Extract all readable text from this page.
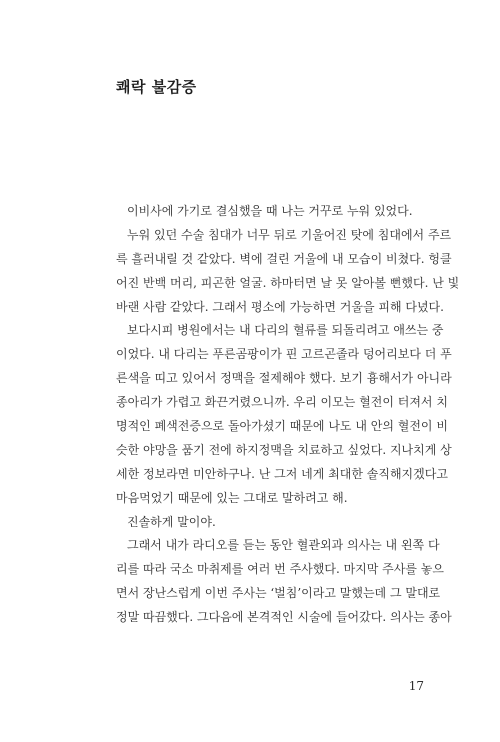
쾌락 불감증
이비사에 가기로 결심했을 때 나는 거꾸로 누워 있었다.
누워 있던 수술 침대가 너무 뒤로 기울어진 탓에 침대에서 주르
륵 흘러내릴 것 같았다. 벽에 걸린 거울에 내 모습이 비쳤다. 헝클
어진 반백 머리, 피곤한 얼굴. 하마터면 날 못 알아볼 뻔했다. 난 빛
바랜 사람 같았다. 그래서 평소에 가능하면 거울을 피해 다녔다.
보다시피 병원에서는 내 다리의 혈류를 되돌리려고 애쓰는 중
이었다. 내 다리는 푸른곰팡이가 핀 고르곤졸라 덩어리보다 더 푸
른색을 띠고 있어서 정맥을 절제해야 했다. 보기 흉해서가 아니라
종아리가 가렵고 화끈거렸으니까. 우리 이모는 혈전이 터져서 치
명적인 폐색전증으로 돌아가셨기 때문에 나도 내 안의 혈전이 비
슷한 야망을 품기 전에 하지정맥을 치료하고 싶었다. 지나치게 상
세한 정보라면 미안하구나. 난 그저 네게 최대한 솔직해지겠다고
마음먹었기 때문에 있는 그대로 말하려고 해.
진솔하게 말이야.
그래서 내가 라디오를 듣는 동안 혈관외과 의사는 내 왼쪽 다
리를 따라 국소 마취제를 여러 번 주사했다. 마지막 주사를 놓으
면서 장난스럽게 이번 주사는 ‘벌침’이라고 말했는데 그 말대로
정말 따끔했다. 그다음에 본격적인 시술에 들어갔다. 의사는 종아
17
